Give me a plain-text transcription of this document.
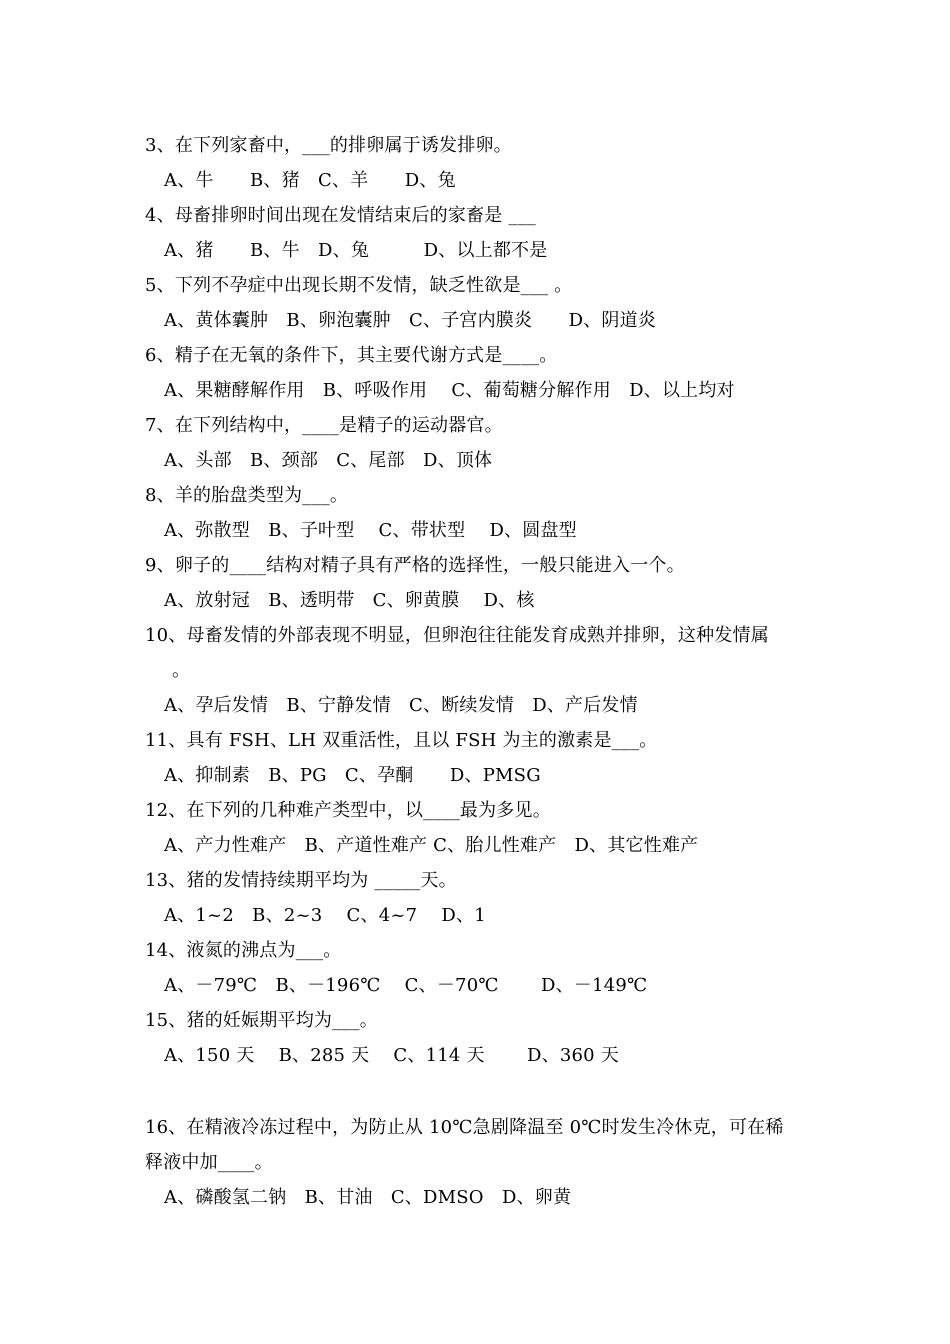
3、在下列家畜中，___的排卵属于诱发排卵。
A、牛　　B、猪　C、羊　　D、兔
4、母畜排卵时间出现在发情结束后的家畜是 ___
A、猪　　B、牛　D、兔　　　D、以上都不是
5、下列不孕症中出现长期不发情，缺乏性欲是___ 。
A、黄体囊肿　B、卵泡囊肿　C、子宫内膜炎　　D、阴道炎
6、精子在无氧的条件下，其主要代谢方式是____。
A、果糖酵解作用　B、呼吸作用　 C、葡萄糖分解作用　D、以上均对
7、在下列结构中，____是精子的运动器官。
A、头部　B、颈部　C、尾部　D、顶体
8、羊的胎盘类型为___。
A、弥散型　B、子叶型　 C、带状型　 D、圆盘型
9、卵子的____结构对精子具有严格的选择性，一般只能进入一个。
A、放射冠　B、透明带　C、卵黄膜　 D、核
10、母畜发情的外部表现不明显，但卵泡往往能发育成熟并排卵，这种发情属
。
A、孕后发情　B、宁静发情　C、断续发情　D、产后发情
11、具有 FSH、LH 双重活性，且以 FSH 为主的激素是___。
A、抑制素　B、PG　C、孕酮　　D、PMSG
12、在下列的几种难产类型中，以____最为多见。
A、产力性难产　B、产道性难产 C、胎儿性难产　D、其它性难产
13、猪的发情持续期平均为 _____天。
A、1~2　B、2~3　 C、4~7　 D、1
14、液氮的沸点为___。
A、－79℃　B、－196℃　 C、－70℃　　 D、－149℃
15、猪的妊娠期平均为___。
A、150 天　 B、285 天　 C、114 天　　 D、360 天
16、在精液冷冻过程中，为防止从 10℃急剧降温至 0℃时发生冷休克，可在稀
释液中加____。
A、磷酸氢二钠　B、甘油　C、DMSO　D、卵黄
